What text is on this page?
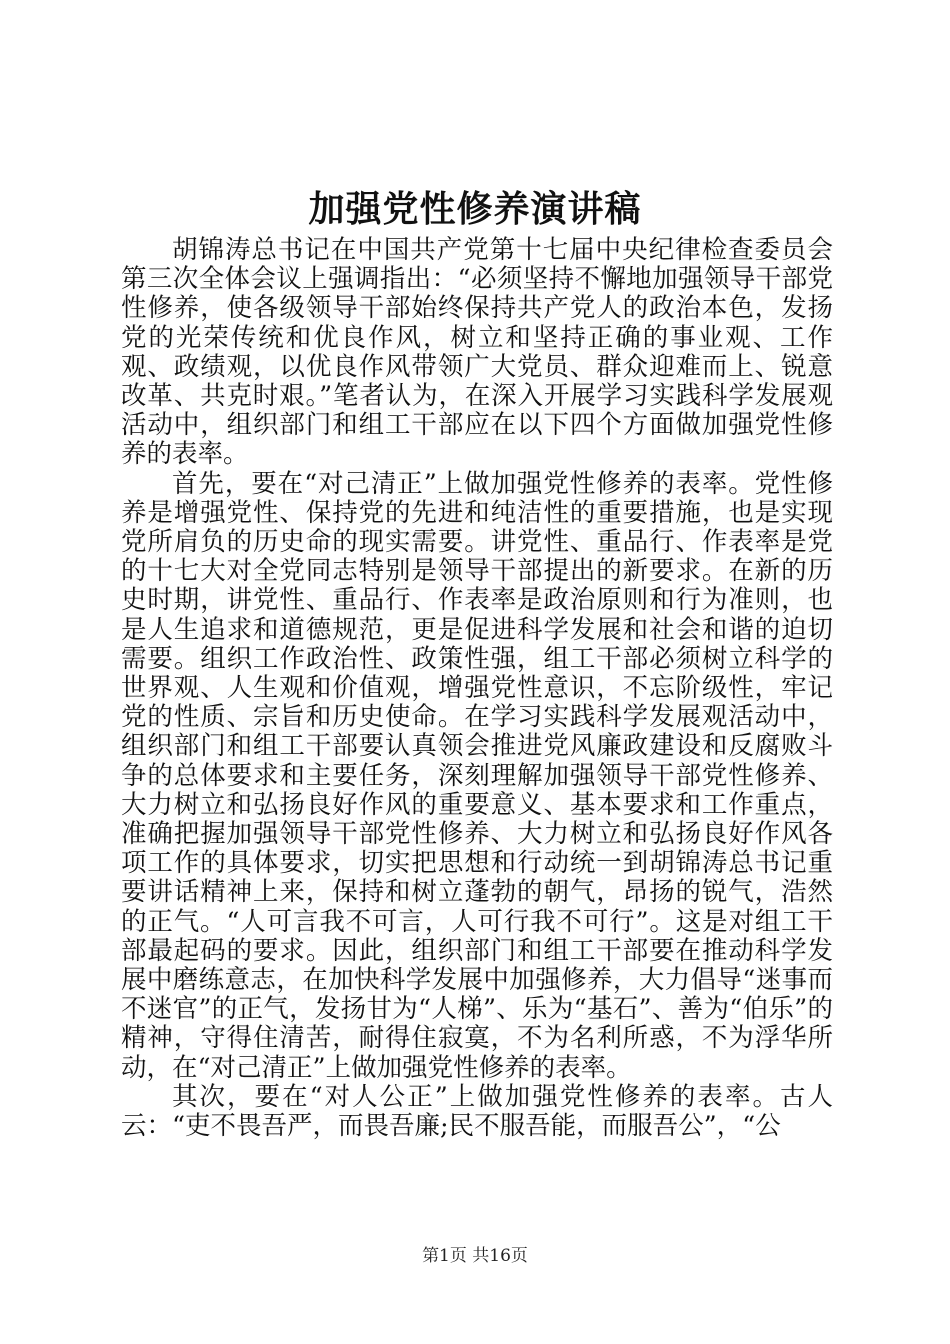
加强党性修养演讲稿

胡锦涛总书记在中国共产党第十七届中央纪律检查委员会第三次全体会议上强调指出：“必须坚持不懈地加强领导干部党性修养，使各级领导干部始终保持共产党人的政治本色，发扬党的光荣传统和优良作风，树立和坚持正确的事业观、工作观、政绩观，以优良作风带领广大党员、群众迎难而上、锐意改革、共克时艰。”笔者认为，在深入开展学习实践科学发展观活动中，组织部门和组工干部应在以下四个方面做加强党性修养的表率。

首先，要在“对己清正”上做加强党性修养的表率。党性修养是增强党性、保持党的先进和纯洁性的重要措施，也是实现党所肩负的历史命的现实需要。讲党性、重品行、作表率是党的十七大对全党同志特别是领导干部提出的新要求。在新的历史时期，讲党性、重品行、作表率是政治原则和行为准则，也是人生追求和道德规范，更是促进科学发展和社会和谐的迫切需要。组织工作政治性、政策性强，组工干部必须树立科学的世界观、人生观和价值观，增强党性意识，不忘阶级性，牢记党的性质、宗旨和历史使命。在学习实践科学发展观活动中，组织部门和组工干部要认真领会推进党风廉政建设和反腐败斗争的总体要求和主要任务，深刻理解加强领导干部党性修养、大力树立和弘扬良好作风的重要意义、基本要求和工作重点，准确把握加强领导干部党性修养、大力树立和弘扬良好作风各项工作的具体要求，切实把思想和行动统一到胡锦涛总书记重要讲话精神上来，保持和树立蓬勃的朝气，昂扬的锐气，浩然的正气。“人可言我不可言，人可行我不可行”。这是对组工干部最起码的要求。因此，组织部门和组工干部要在推动科学发展中磨练意志，在加快科学发展中加强修养，大力倡导“迷事而不迷官”的正气，发扬甘为“人梯”、乐为“基石”、善为“伯乐”的精神，守得住清苦，耐得住寂寞，不为名利所惑，不为浮华所动，在“对己清正”上做加强党性修养的表率。

其次，要在“对人公正”上做加强党性修养的表率。古人云：“吏不畏吾严，而畏吾廉;民不服吾能，而服吾公”，“公

第1页 共16页
